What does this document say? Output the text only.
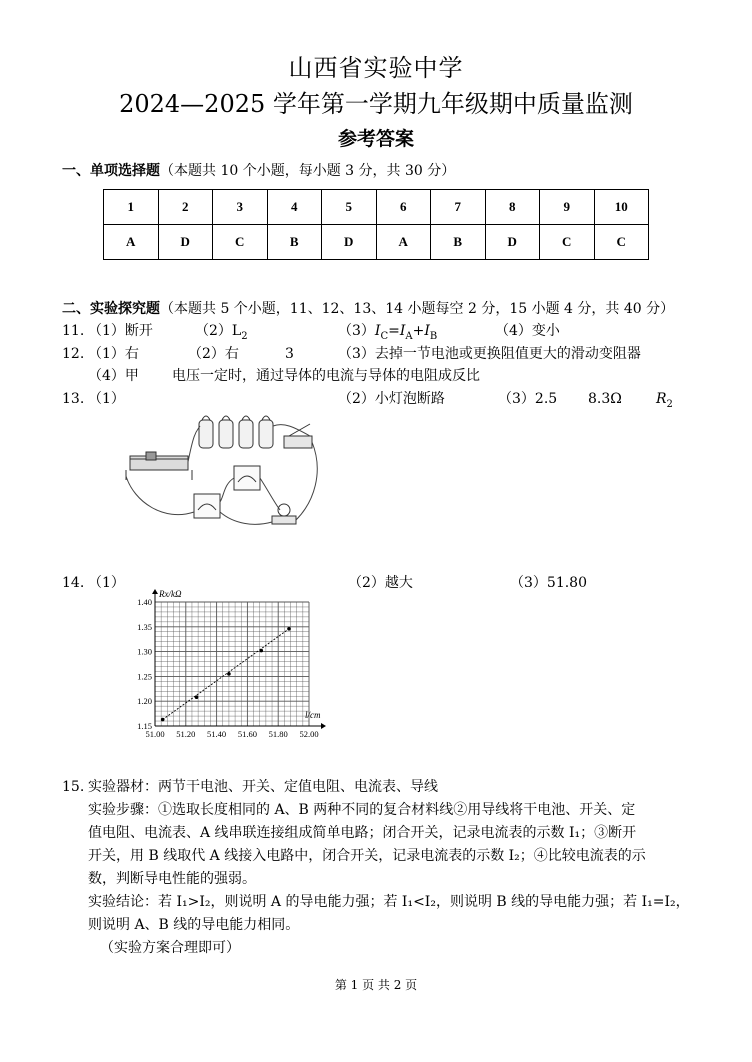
山西省实验中学
2024—2025 学年第一学期九年级期中质量监测
参考答案
一、单项选择题（本题共 10 个小题，每小题 3 分，共 30 分）
1	2	3	4	5	6	7	8	9	10
A	D	C	B	D	A	B	D	C	C
二、实验探究题（本题共 5 个小题，11、12、13、14 小题每空 2 分，15 小题 4 分，共 40 分）
11. （1）断开	$(2)L_2$	$(3)I_C=I_A+I_B$	（4）变小
12. （1）右	（2）右	3	（3）去掉一节电池或更换阻值更大的滑动变阻器
（4）甲 电压一定时，通过导体的电流与导体的电阻成反比
13. （1）	（2）小灯泡断路	（3）2.5 8.3Ω $R_2$
14. （1）	（2）越大	（3）51.80
51.00 51.20 51.40 51.60 51.80 52.00
1.15
1.20
1.25
1.30
1.35
1.40
Rx/kΩ
l/cm
15. 实验器材：两节干电池、开关、定值电阻、电流表、导线
实验步骤：①选取长度相同的 A、B 两种不同的复合材料线②用导线将干电池、开关、定
值电阻、电流表、A 线串联连接组成简单电路；闭合开关，记录电流表的示数 I₁；③断开
开关，用 B 线取代 A 线接入电路中，闭合开关，记录电流表的示数 I₂；④比较电流表的示
数，判断导电性能的强弱。
实验结论：若 I₁>I₂，则说明 A 的导电能力强；若 I₁<I₂，则说明 B 线的导电能力强；若 I₁=I₂，
则说明 A、B 线的导电能力相同。
（实验方案合理即可）
第 1 页 共 2 页
